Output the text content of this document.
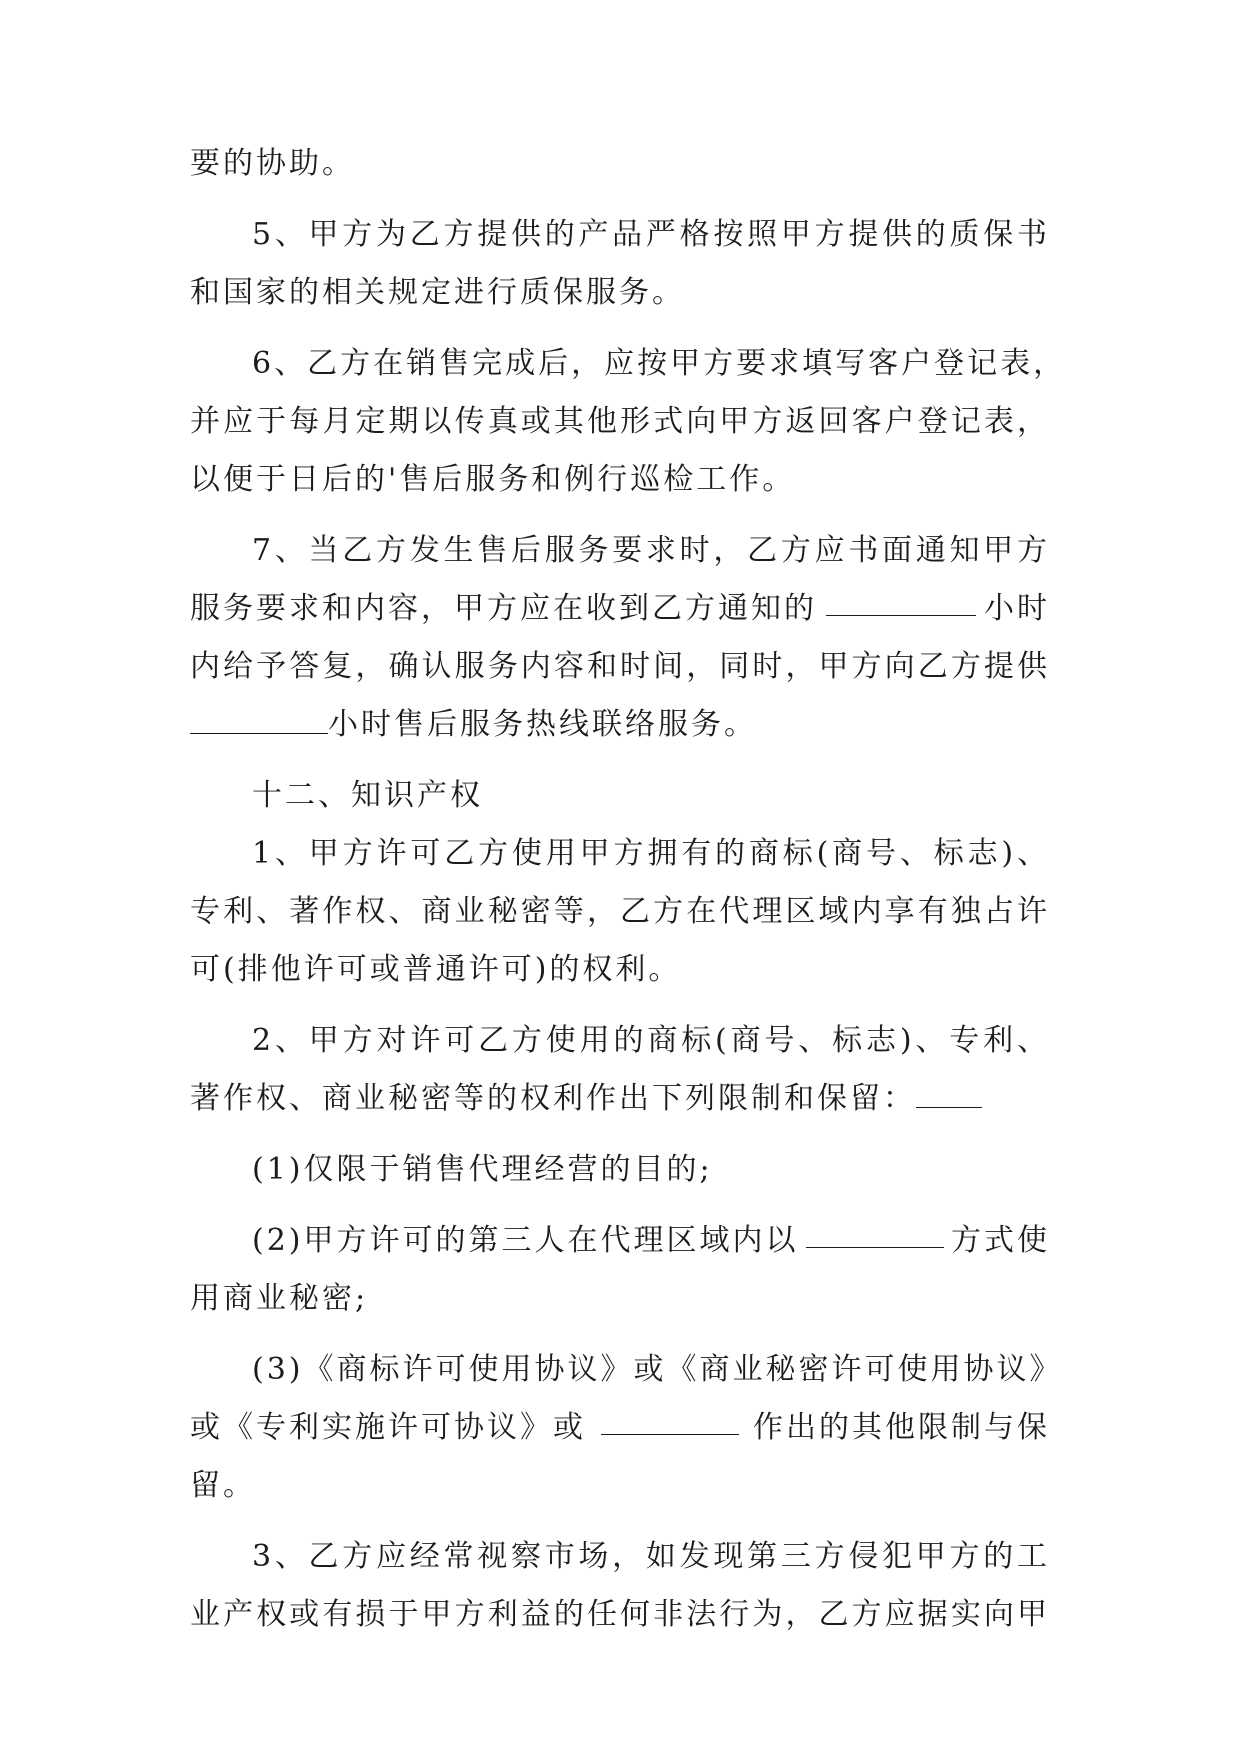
要的协助。
5、甲方为乙方提供的产品严格按照甲方提供的质保书
和国家的相关规定进行质保服务。
6、乙方在销售完成后，应按甲方要求填写客户登记表，
并应于每月定期以传真或其他形式向甲方返回客户登记表，
以便于日后的'售后服务和例行巡检工作。
7、当乙方发生售后服务要求时，乙方应书面通知甲方
服务要求和内容，甲方应在收到乙方通知的	小时
内给予答复，确认服务内容和时间，同时，甲方向乙方提供
小时售后服务热线联络服务。
十二、知识产权
1、甲方许可乙方使用甲方拥有的商标(商号、标志)、
专利、著作权、商业秘密等，乙方在代理区域内享有独占许
可(排他许可或普通许可)的权利。
2、甲方对许可乙方使用的商标(商号、标志)、专利、
著作权、商业秘密等的权利作出下列限制和保留：
(1)仅限于销售代理经营的目的;
(2)甲方许可的第三人在代理区域内以	方式使
用商业秘密;
(3)《商标许可使用协议》或《商业秘密许可使用协议》
或《专利实施许可协议》或	作出的其他限制与保
留。
3、乙方应经常视察市场，如发现第三方侵犯甲方的工
业产权或有损于甲方利益的任何非法行为，乙方应据实向甲
